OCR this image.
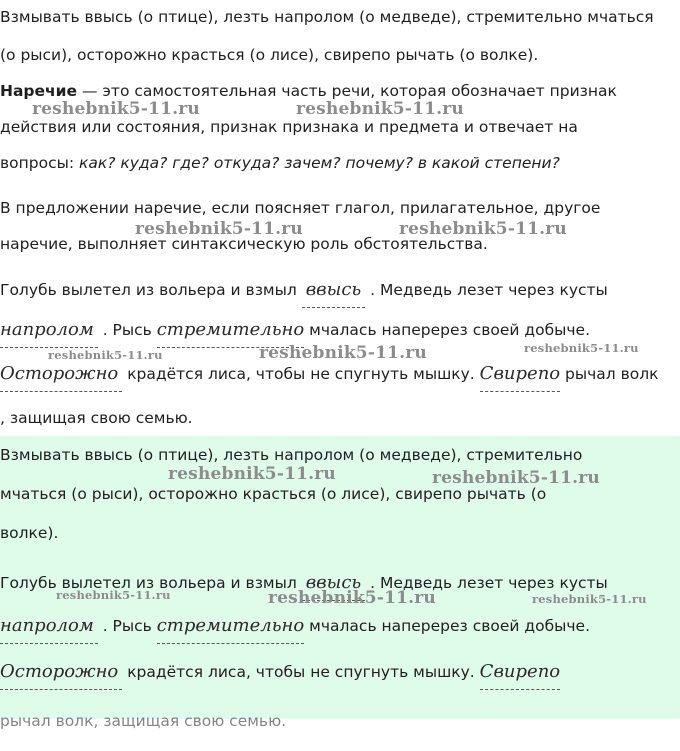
Взмывать ввысь (о птице), лезть напролом (о медведе), стремительно мчаться
(о рыси), осторожно красться (о лисе), свирепо рычать (о волке).
Наречие — это самостоятельная часть речи, которая обозначает признак
действия или состояния, признак признака и предмета и отвечает на
вопросы: как? куда? где? откуда? зачем? почему? в какой степени?
В предложении наречие, если поясняет глагол, прилагательное, другое
наречие, выполняет синтаксическую роль обстоятельства.
Голубь вылетел из вольера и взмыл ввысь . Медведь лезет через кусты
напролом . Рысь стремительно мчалась наперерез своей добыче.
Осторожно крадётся лиса, чтобы не спугнуть мышку. Свирепо рычал волк
, защищая свою семью.
Взмывать ввысь (о птице), лезть напролом (о медведе), стремительно
мчаться (о рыси), осторожно красться (о лисе), свирепо рычать (о
волке).
Голубь вылетел из вольера и взмыл ввысь . Медведь лезет через кусты
напролом . Рысь стремительно мчалась наперерез своей добыче.
Осторожно крадётся лиса, чтобы не спугнуть мышку. Свирепо
рычал волк, защищая свою семью.
reshebnik5-11.ru	reshebnik5-11.ru
reshebnik5-11.ru	reshebnik5-11.ru
reshebnik5-11.ru	reshebnik5-11.ru	reshebnik5-11.ru
reshebnik5-11.ru	reshebnik5-11.ru
reshebnik5-11.ru	reshebnik5-11.ru	reshebnik5-11.ru
